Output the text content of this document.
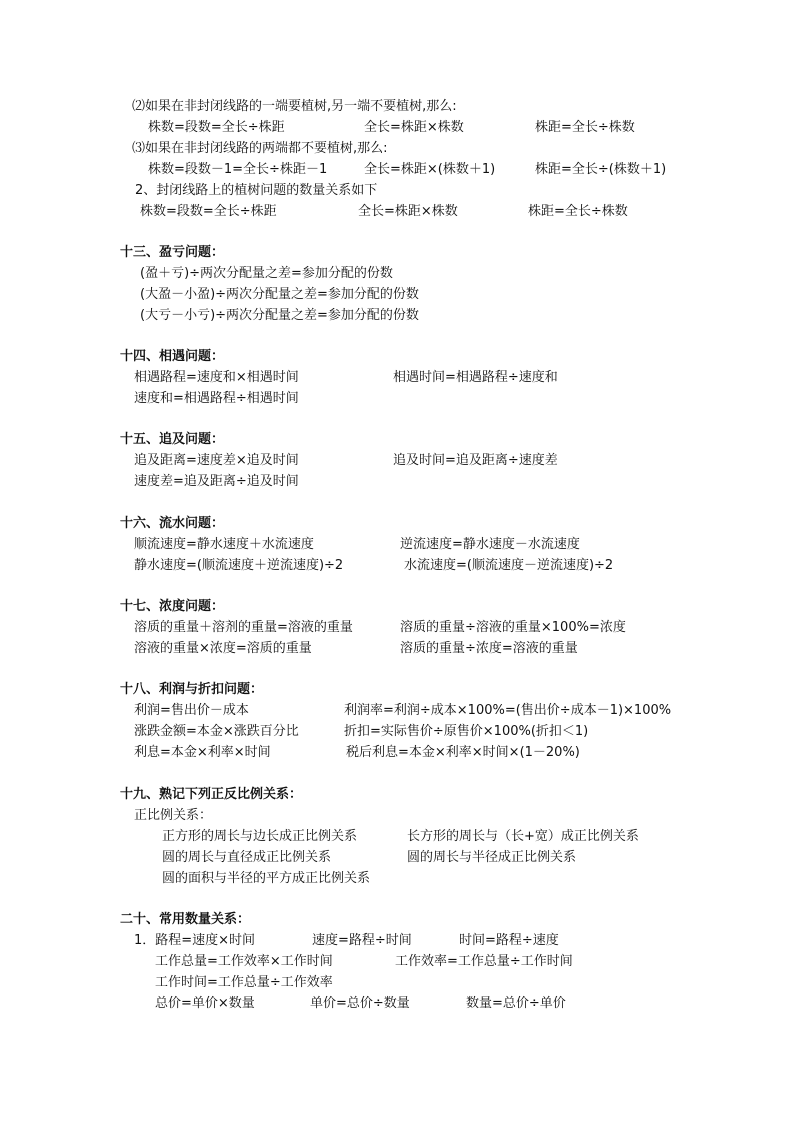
⑵如果在非封闭线路的一端要植树,另一端不要植树,那么:
株数=段数=全长÷株距	全长=株距×株数	株距=全长÷株数
⑶如果在非封闭线路的两端都不要植树,那么:
株数=段数－1=全长÷株距－1	全长=株距×(株数＋1)	株距=全长÷(株数＋1)
2、封闭线路上的植树问题的数量关系如下
株数=段数=全长÷株距	全长=株距×株数	株距=全长÷株数
十三、盈亏问题：
(盈＋亏)÷两次分配量之差=参加分配的份数
(大盈－小盈)÷两次分配量之差=参加分配的份数
(大亏－小亏)÷两次分配量之差=参加分配的份数
十四、相遇问题：
相遇路程=速度和×相遇时间	相遇时间=相遇路程÷速度和
速度和=相遇路程÷相遇时间
十五、追及问题：
追及距离=速度差×追及时间	追及时间=追及距离÷速度差
速度差=追及距离÷追及时间
十六、流水问题：
顺流速度=静水速度＋水流速度	逆流速度=静水速度－水流速度
静水速度=(顺流速度＋逆流速度)÷2	水流速度=(顺流速度－逆流速度)÷2
十七、浓度问题：
溶质的重量＋溶剂的重量=溶液的重量	溶质的重量÷溶液的重量×100%=浓度
溶液的重量×浓度=溶质的重量	溶质的重量÷浓度=溶液的重量
十八、利润与折扣问题：
利润=售出价－成本	利润率=利润÷成本×100%=(售出价÷成本－1)×100%
涨跌金额=本金×涨跌百分比	折扣=实际售价÷原售价×100%(折扣＜1)
利息=本金×利率×时间	税后利息=本金×利率×时间×(1－20%)
十九、熟记下列正反比例关系：
正比例关系：
正方形的周长与边长成正比例关系	长方形的周长与（长+宽）成正比例关系
圆的周长与直径成正比例关系	圆的周长与半径成正比例关系
圆的面积与半径的平方成正比例关系
二十、常用数量关系：
1．路程=速度×时间	速度=路程÷时间	时间=路程÷速度
工作总量=工作效率×工作时间	工作效率=工作总量÷工作时间
工作时间=工作总量÷工作效率
总价=单价×数量	单价=总价÷数量	数量=总价÷单价
